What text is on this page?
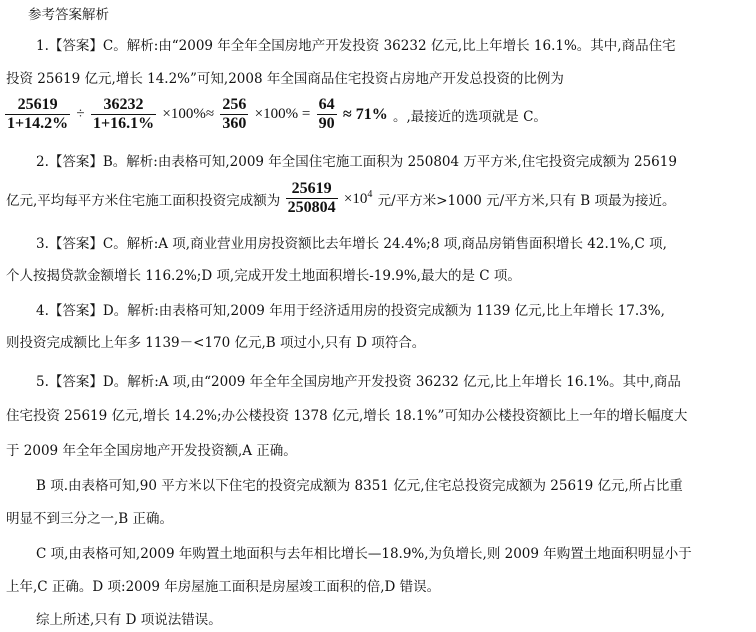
参考答案解析
1.【答案】C。解析:由“2009 年全年全国房地产开发投资 36232 亿元,比上年增长 16.1%。其中,商品住宅
投资 25619 亿元,增长 14.2%”可知,2008 年全国商品住宅投资占房地产开发总投资的比例为
$\frac{25619}{1+14.2\%} \div \frac{36232}{1+16.1\%} \times 100\%\approx \frac{256}{360} \times 100\% = \frac{64}{90} \approx 71\%$ 。,最接近的选项就是 C。
2.【答案】B。解析:由表格可知,2009 年全国住宅施工面积为 250804 万平方米,住宅投资完成额为 25619
亿元,平均每平方米住宅施工面积投资完成额为 $\frac{25619}{250804} \times 10^4$ 元/平方米>1000 元/平方米,只有 B 项最为接近。
3.【答案】C。解析:A 项,商业营业用房投资额比去年增长 24.4%;8 项,商品房销售面积增长 42.1%,C 项,
个人按揭贷款金额增长 116.2%;D 项,完成开发土地面积增长-19.9%,最大的是 C 项。
4.【答案】D。解析:由表格可知,2009 年用于经济适用房的投资完成额为 1139 亿元,比上年增长 17.3%,
则投资完成额比上年多 1139－<170 亿元,B 项过小,只有 D 项符合。
5.【答案】D。解析:A 项,由“2009 年全年全国房地产开发投资 36232 亿元,比上年增长 16.1%。其中,商品
住宅投资 25619 亿元,增长 14.2%;办公楼投资 1378 亿元,增长 18.1%”可知办公楼投资额比上一年的增长幅度大
于 2009 年全年全国房地产开发投资额,A 正确。
B 项.由表格可知,90 平方米以下住宅的投资完成额为 8351 亿元,住宅总投资完成额为 25619 亿元,所占比重
明显不到三分之一,B 正确。
C 项,由表格可知,2009 年购置土地面积与去年相比增长—18.9%,为负增长,则 2009 年购置土地面积明显小于
上年,C 正确。D 项:2009 年房屋施工面积是房屋竣工面积的倍,D 错误。
综上所述,只有 D 项说法错误。
